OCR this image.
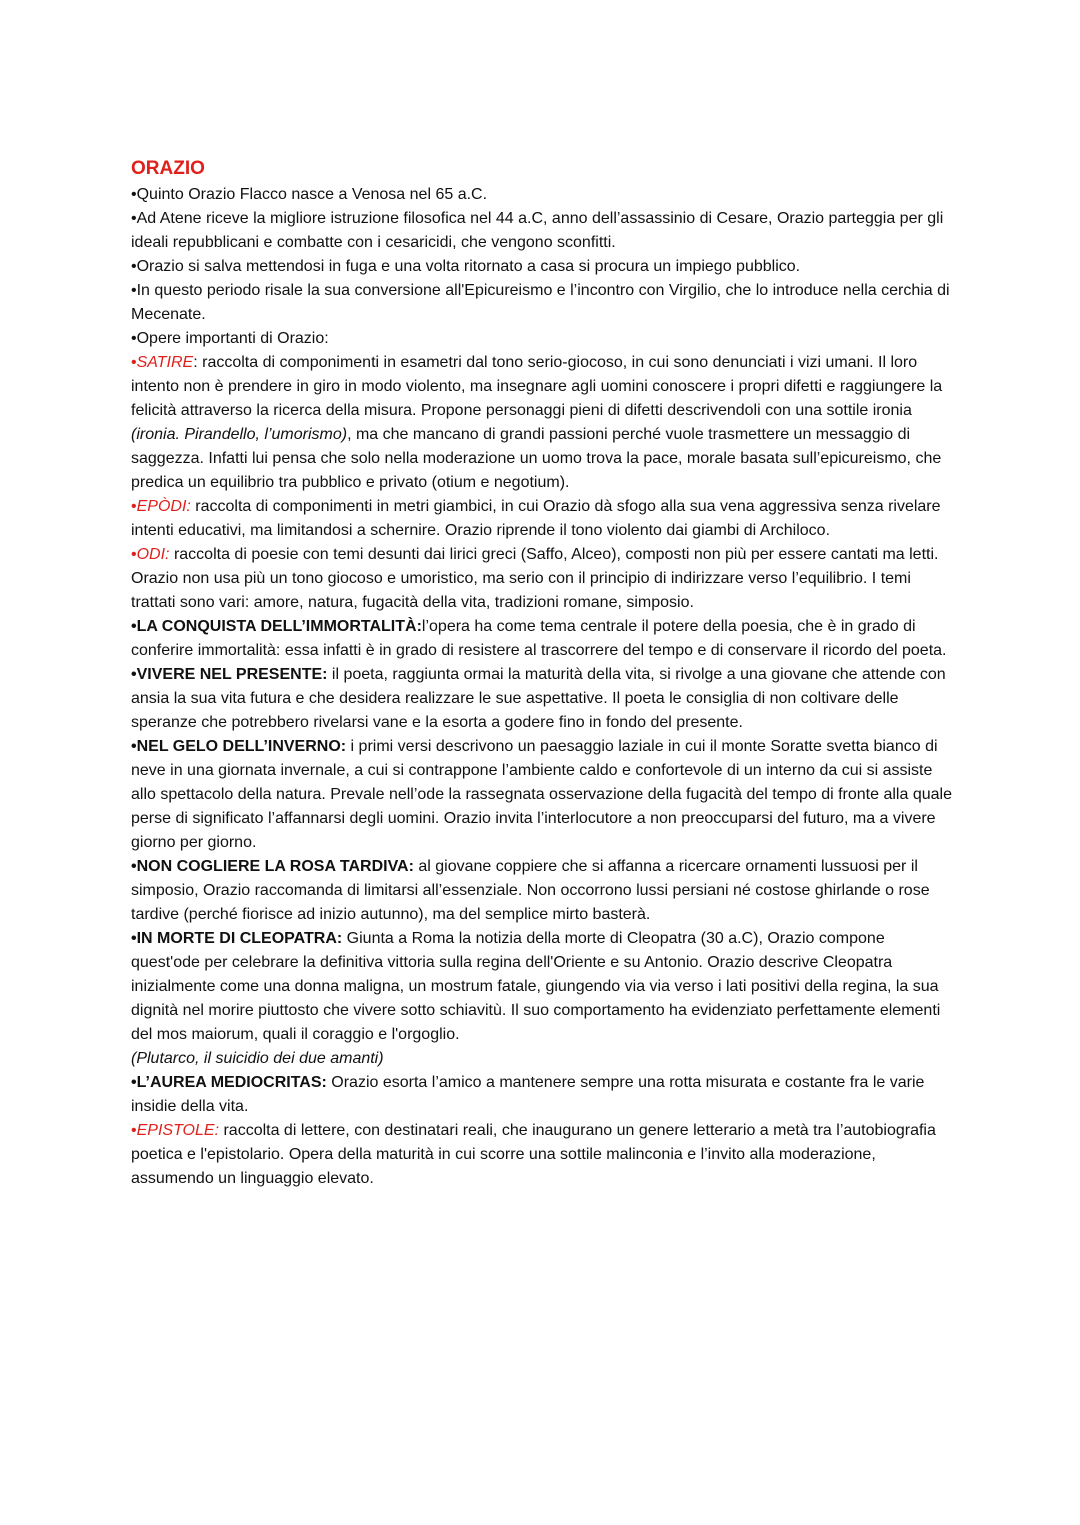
ORAZIO

•Quinto Orazio Flacco nasce a Venosa nel 65 a.C.

•Ad Atene riceve la migliore istruzione filosofica nel 44 a.C, anno dell’assassinio di Cesare, Orazio parteggia per gli ideali repubblicani e combatte con i cesaricidi, che vengono sconfitti.

•Orazio si salva mettendosi in fuga e una volta ritornato a casa si procura un impiego pubblico.

•In questo periodo risale la sua conversione all'Epicureismo e l’incontro con Virgilio, che lo introduce nella cerchia di Mecenate.

•Opere importanti di Orazio:

•SATIRE: raccolta di componimenti in esametri dal tono serio-giocoso, in cui sono denunciati i vizi umani. Il loro intento non è prendere in giro in modo violento, ma insegnare agli uomini conoscere i propri difetti e raggiungere la felicità attraverso la ricerca della misura. Propone personaggi pieni di difetti descrivendoli con una sottile ironia (ironia. Pirandello, l’umorismo), ma che mancano di grandi passioni perché vuole trasmettere un messaggio di saggezza. Infatti lui pensa che solo nella moderazione un uomo trova la pace, morale basata sull’epicureismo, che predica un equilibrio tra pubblico e privato (otium e negotium).

•EPÒDI: raccolta di componimenti in metri giambici, in cui Orazio dà sfogo alla sua vena aggressiva senza rivelare intenti educativi, ma limitandosi a schernire. Orazio riprende il tono violento dai giambi di Archiloco.

•ODI: raccolta di poesie con temi desunti dai lirici greci (Saffo, Alceo), composti non più per essere cantati ma letti. Orazio non usa più un tono giocoso e umoristico, ma serio con il principio di indirizzare verso l’equilibrio. I temi trattati sono vari: amore, natura, fugacità della vita, tradizioni romane, simposio.

•LA CONQUISTA DELL’IMMORTALITÀ:l’opera ha come tema centrale il potere della poesia, che è in grado di conferire immortalità: essa infatti è in grado di resistere al trascorrere del tempo e di conservare il ricordo del poeta.

•VIVERE NEL PRESENTE: il poeta, raggiunta ormai la maturità della vita, si rivolge a una giovane che attende con ansia la sua vita futura e che desidera realizzare le sue aspettative. Il poeta le consiglia di non coltivare delle speranze che potrebbero rivelarsi vane e la esorta a godere fino in fondo del presente.

•NEL GELO DELL’INVERNO: i primi versi descrivono un paesaggio laziale in cui il monte Soratte svetta bianco di neve in una giornata invernale, a cui si contrappone l’ambiente caldo e confortevole di un interno da cui si assiste allo spettacolo della natura. Prevale nell’ode la rassegnata osservazione della fugacità del tempo di fronte alla quale perse di significato l’affannarsi degli uomini. Orazio invita l’interlocutore a non preoccuparsi del futuro, ma a vivere giorno per giorno.

•NON COGLIERE LA ROSA TARDIVA: al giovane coppiere che si affanna a ricercare ornamenti lussuosi per il simposio, Orazio raccomanda di limitarsi all’essenziale. Non occorrono lussi persiani né costose ghirlande o rose tardive (perché fiorisce ad inizio autunno), ma del semplice mirto basterà.

•IN MORTE DI CLEOPATRA: Giunta a Roma la notizia della morte di Cleopatra (30 a.C), Orazio compone quest'ode per celebrare la definitiva vittoria sulla regina dell'Oriente e su Antonio. Orazio descrive Cleopatra inizialmente come una donna maligna, un mostrum fatale, giungendo via via verso i lati positivi della regina, la sua dignità nel morire piuttosto che vivere sotto schiavitù. Il suo comportamento ha evidenziato perfettamente elementi del mos maiorum, quali il coraggio e l'orgoglio.
(Plutarco, il suicidio dei due amanti)

•L’AUREA MEDIOCRITAS: Orazio esorta l’amico a mantenere sempre una rotta misurata e costante fra le varie insidie della vita.

•EPISTOLE: raccolta di lettere, con destinatari reali, che inaugurano un genere letterario a metà tra l’autobiografia poetica e l'epistolario. Opera della maturità in cui scorre una sottile malinconia e l’invito alla moderazione, assumendo un linguaggio elevato.
